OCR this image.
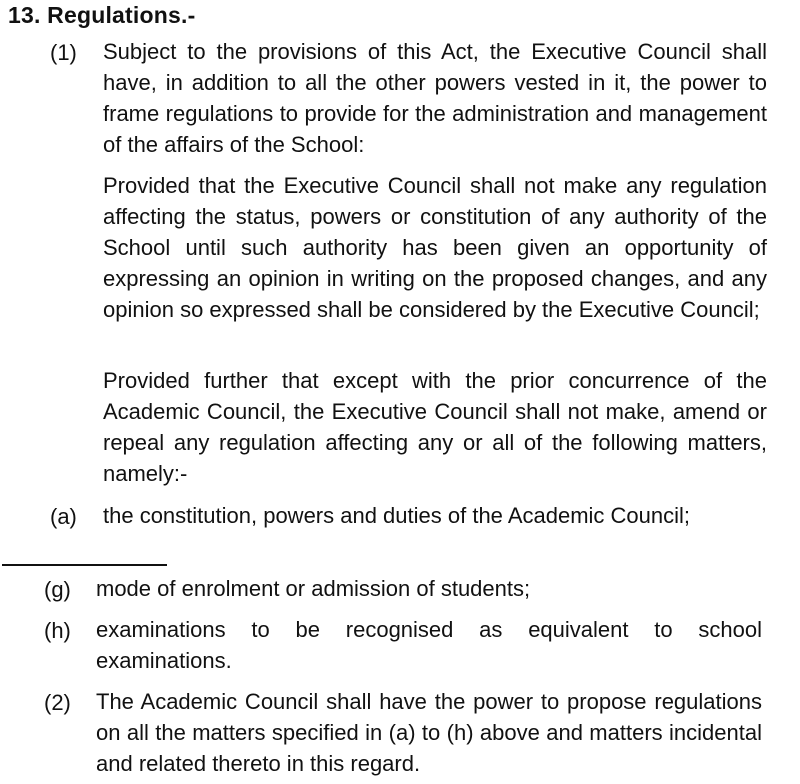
13. Regulations.-
(1) Subject to the provisions of this Act, the Executive Council shall have, in addition to all the other powers vested in it, the power to frame regulations to provide for the administration and management of the affairs of the School:
Provided that the Executive Council shall not make any regulation affecting the status, powers or constitution of any authority of the School until such authority has been given an opportunity of expressing an opinion in writing on the proposed changes, and any opinion so expressed shall be considered by the Executive Council;
Provided further that except with the prior concurrence of the Academic Council, the Executive Council shall not make, amend or repeal any regulation affecting any or all of the following matters, namely:-
(a) the constitution, powers and duties of the Academic Council;
(g) mode of enrolment or admission of students;
(h) examinations to be recognised as equivalent to school examinations.
(2) The Academic Council shall have the power to propose regulations on all the matters specified in (a) to (h) above and matters incidental and related thereto in this regard.
